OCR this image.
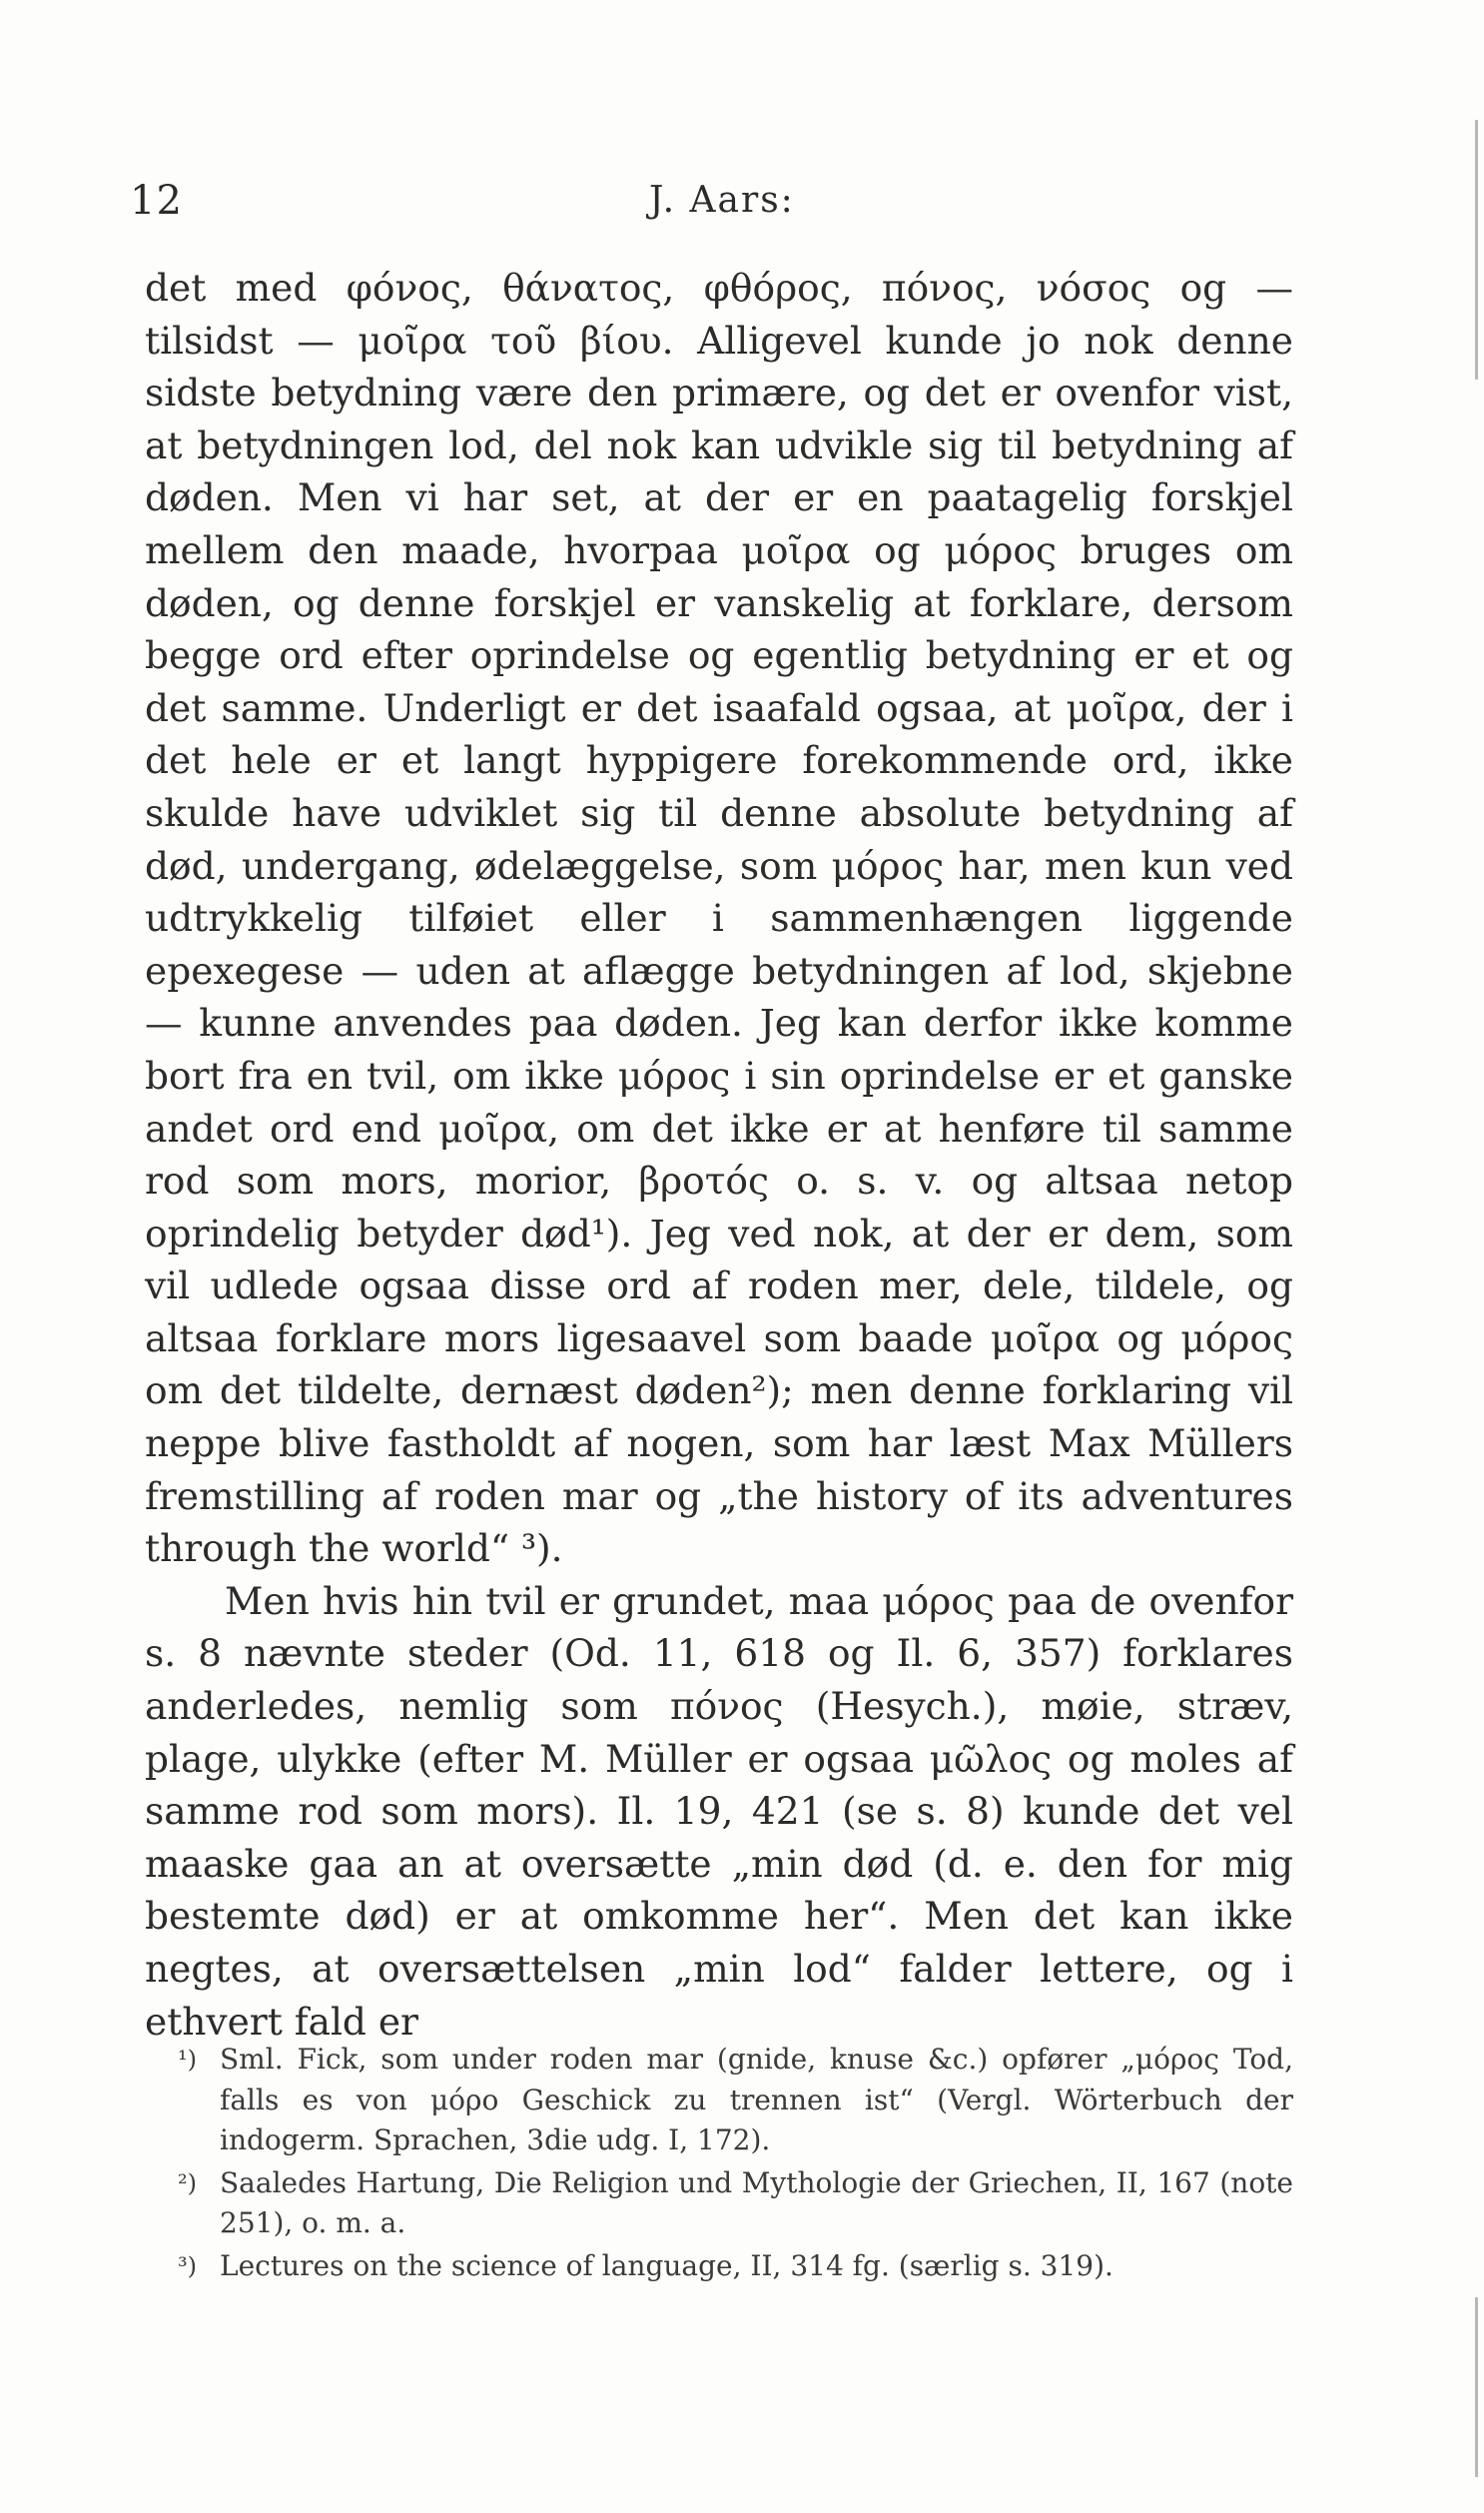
12	J. Aars:

det med φόνος, θάνατος, φθόρος, πόνος, νόσος og — tilsidst — μοῖρα τοῦ βίου. Alligevel kunde jo nok denne sidste betydning være den primære, og det er ovenfor vist, at betydningen lod, del nok kan udvikle sig til betydning af døden. Men vi har set, at der er en paatagelig forskjel mellem den maade, hvorpaa μοῖρα og μόρος bruges om døden, og denne forskjel er vanskelig at forklare, dersom begge ord efter oprindelse og egentlig betydning er et og det samme. Underligt er det isaafald ogsaa, at μοῖρα, der i det hele er et langt hyppigere forekommende ord, ikke skulde have udviklet sig til denne absolute betydning af død, undergang, ødelæggelse, som μόρος har, men kun ved udtrykkelig tilføiet eller i sammenhængen liggende epexegese — uden at aflægge betydningen af lod, skjebne — kunne anvendes paa døden. Jeg kan derfor ikke komme bort fra en tvil, om ikke μόρος i sin oprindelse er et ganske andet ord end μοῖρα, om det ikke er at henføre til samme rod som mors, morior, βροτός o. s. v. og altsaa netop oprindelig betyder død¹). Jeg ved nok, at der er dem, som vil udlede ogsaa disse ord af roden mer, dele, tildele, og altsaa forklare mors ligesaavel som baade μοῖρα og μόρος om det tildelte, dernæst døden²); men denne forklaring vil neppe blive fastholdt af nogen, som har læst Max Müllers fremstilling af roden mar og „the history of its adventures through the world“ ³).

Men hvis hin tvil er grundet, maa μόρος paa de ovenfor s. 8 nævnte steder (Od. 11, 618 og Il. 6, 357) forklares anderledes, nemlig som πόνος (Hesych.), møie, stræv, plage, ulykke (efter M. Müller er ogsaa μῶλος og moles af samme rod som mors). Il. 19, 421 (se s. 8) kunde det vel maaske gaa an at oversætte „min død (d. e. den for mig bestemte død) er at omkomme her“. Men det kan ikke negtes, at oversættelsen „min lod“ falder lettere, og i ethvert fald er

¹) Sml. Fick, som under roden mar (gnide, knuse &c.) opfører „μόρος Tod, falls es von μόρο Geschick zu trennen ist“ (Vergl. Wörterbuch der indogerm. Sprachen, 3die udg. I, 172).
²) Saaledes Hartung, Die Religion und Mythologie der Griechen, II, 167 (note 251), o. m. a.
³) Lectures on the science of language, II, 314 fg. (særlig s. 319).
